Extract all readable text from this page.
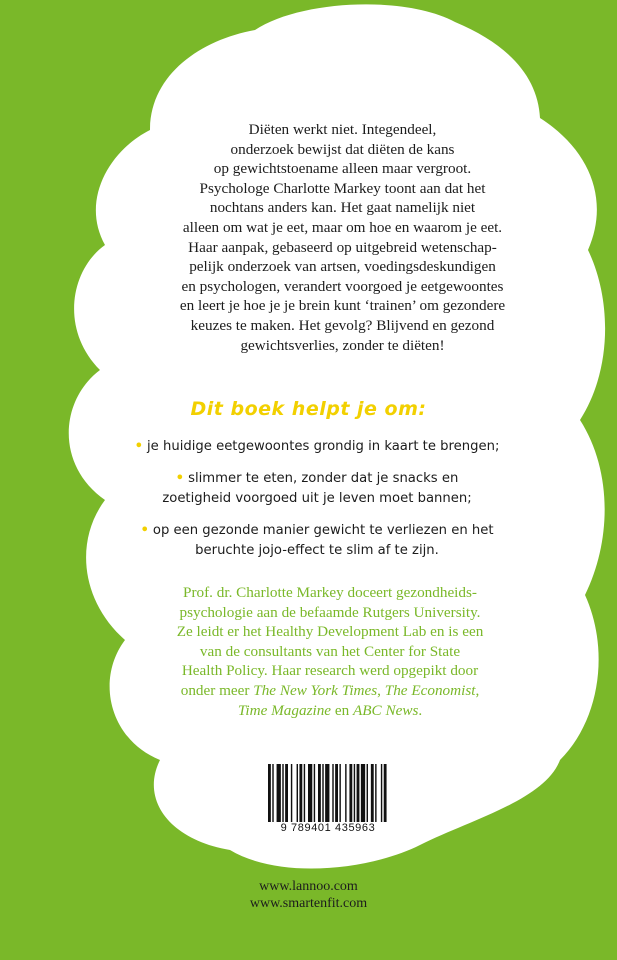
Diëten werkt niet. Integendeel,
onderzoek bewijst dat diëten de kans
op gewichtstoename alleen maar vergroot.
Psychologe Charlotte Markey toont aan dat het
nochtans anders kan. Het gaat namelijk niet
alleen om wat je eet, maar om hoe en waarom je eet.
Haar aanpak, gebaseerd op uitgebreid wetenschap-
pelijk onderzoek van artsen, voedingsdeskundigen
en psychologen, verandert voorgoed je eetgewoontes
en leert je hoe je je brein kunt ‘trainen’ om gezondere
keuzes te maken. Het gevolg? Blijvend en gezond
gewichtsverlies, zonder te diëten!
Dit boek helpt je om:
• je huidige eetgewoontes grondig in kaart te brengen;
• slimmer te eten, zonder dat je snacks en
zoetigheid voorgoed uit je leven moet bannen;
• op een gezonde manier gewicht te verliezen en het
beruchte jojo-effect te slim af te zijn.
Prof. dr. Charlotte Markey doceert gezondheids-
psychologie aan de befaamde Rutgers University.
Ze leidt er het Healthy Development Lab en is een
van de consultants van het Center for State
Health Policy. Haar research werd opgepikt door
onder meer The New York Times, The Economist,
Time Magazine en ABC News.
9 789401 435963
www.lannoo.com
www.smartenfit.com
